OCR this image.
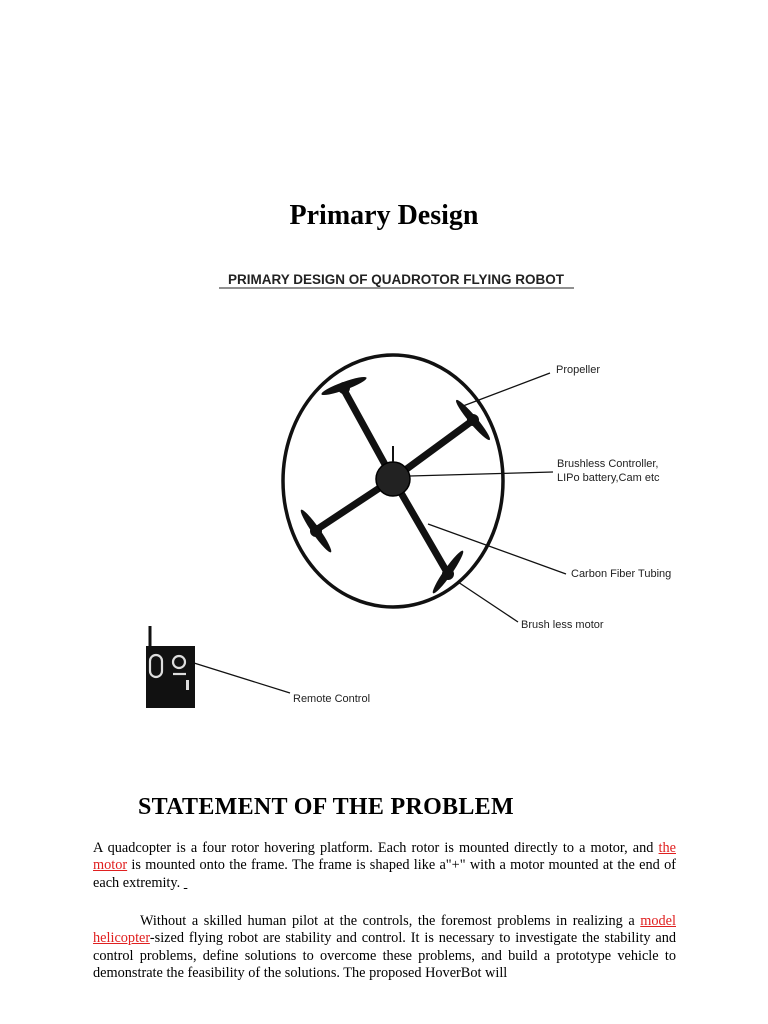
Primary Design
PRIMARY DESIGN OF QUADROTOR FLYING ROBOT
Propeller
Brushless Controller,
LIPo battery,Cam etc
Carbon Fiber Tubing
Brush less motor
Remote Control
STATEMENT OF THE PROBLEM

A quadcopter is a four rotor hovering platform. Each rotor is mounted directly to a motor, and the motor is mounted onto the frame. The frame is shaped like a"+" with a motor mounted at the end of each extremity.

Without a skilled human pilot at the controls, the foremost problems in realizing a model helicopter-sized flying robot are stability and control. It is necessary to investigate the stability and control problems, define solutions to overcome these problems, and build a prototype vehicle to demonstrate the feasibility of the solutions. The proposed HoverBot will
